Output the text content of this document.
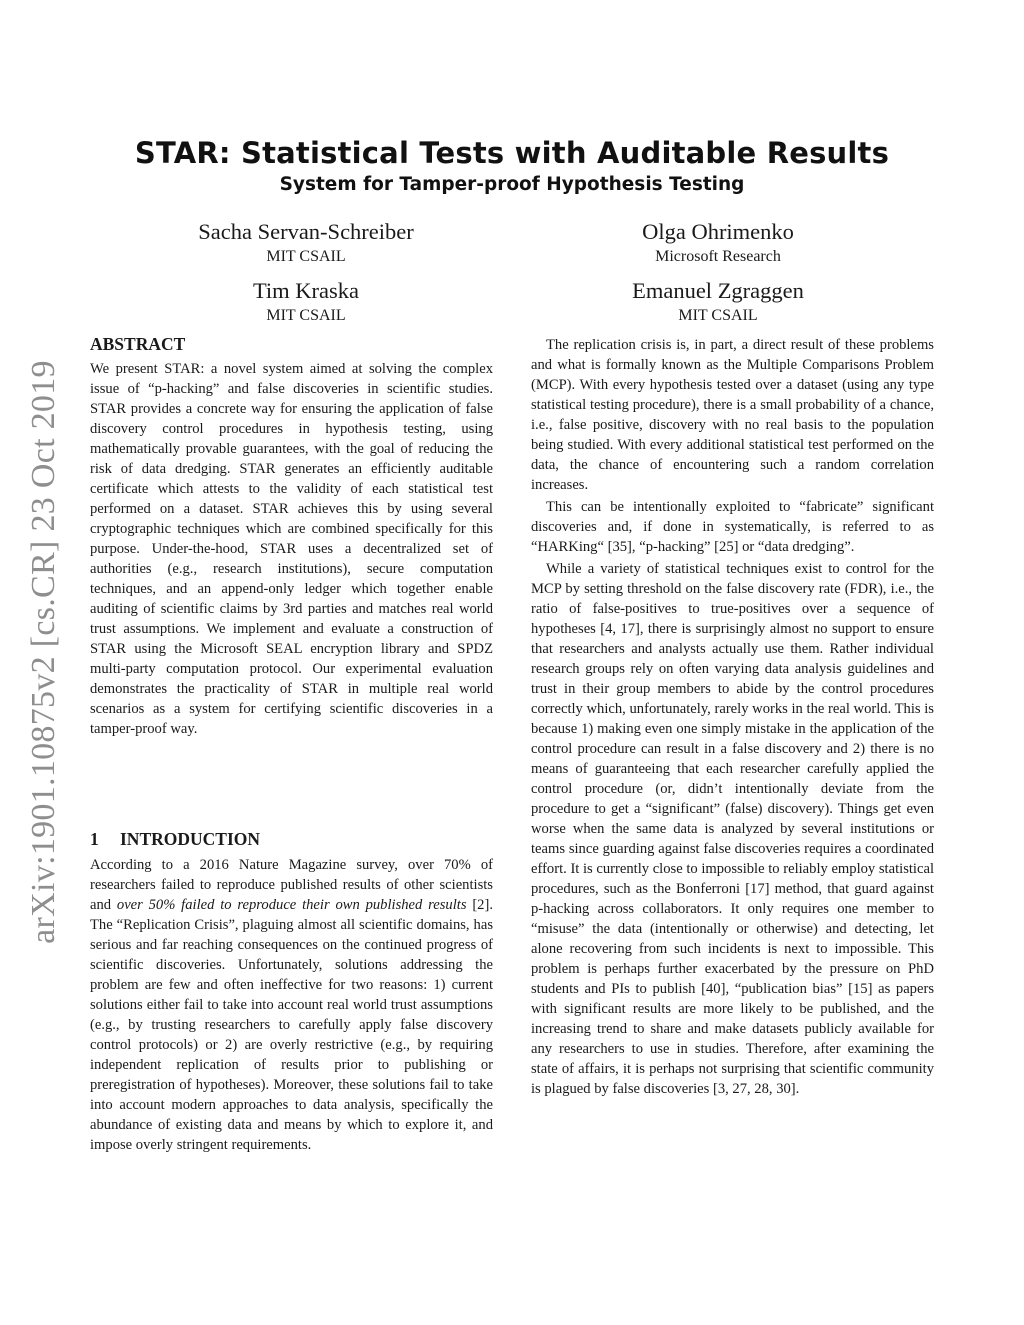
arXiv:1901.10875v2 [cs.CR] 23 Oct 2019
STAR: Statistical Tests with Auditable Results
System for Tamper-proof Hypothesis Testing
Sacha Servan-Schreiber
MIT CSAIL
Olga Ohrimenko
Microsoft Research
Tim Kraska
MIT CSAIL
Emanuel Zgraggen
MIT CSAIL
ABSTRACT

We present STAR: a novel system aimed at solving the complex issue of “p-hacking” and false discoveries in scientific studies. STAR provides a concrete way for ensuring the application of false discovery control procedures in hypothesis testing, using mathematically provable guarantees, with the goal of reducing the risk of data dredging. STAR generates an efficiently auditable certificate which attests to the validity of each statistical test performed on a dataset. STAR achieves this by using several cryptographic techniques which are combined specifically for this purpose. Under-the-hood, STAR uses a decentralized set of authorities (e.g., research institutions), secure computation techniques, and an append-only ledger which together enable auditing of scientific claims by 3rd parties and matches real world trust assumptions. We implement and evaluate a construction of STAR using the Microsoft SEAL encryption library and SPDZ multi-party computation protocol. Our experimental evaluation demonstrates the practicality of STAR in multiple real world scenarios as a system for certifying scientific discoveries in a tamper-proof way.

1 INTRODUCTION

According to a 2016 Nature Magazine survey, over 70% of researchers failed to reproduce published results of other scientists and over 50% failed to reproduce their own published results [2]. The “Replication Crisis”, plaguing almost all scientific domains, has serious and far reaching consequences on the continued progress of scientific discoveries. Unfortunately, solutions addressing the problem are few and often ineffective for two reasons: 1) current solutions either fail to take into account real world trust assumptions (e.g., by trusting researchers to carefully apply false discovery control protocols) or 2) are overly restrictive (e.g., by requiring independent replication of results prior to publishing or preregistration of hypotheses). Moreover, these solutions fail to take into account modern approaches to data analysis, specifically the abundance of existing data and means by which to explore it, and impose overly stringent requirements.

The replication crisis is, in part, a direct result of these problems and what is formally known as the Multiple Comparisons Problem (MCP). With every hypothesis tested over a dataset (using any type statistical testing procedure), there is a small probability of a chance, i.e., false positive, discovery with no real basis to the population being studied. With every additional statistical test performed on the data, the chance of encountering such a random correlation increases.

This can be intentionally exploited to “fabricate” significant discoveries and, if done in systematically, is referred to as “HARKing“ [35], “p-hacking” [25] or “data dredging”.

While a variety of statistical techniques exist to control for the MCP by setting threshold on the false discovery rate (FDR), i.e., the ratio of false-positives to true-positives over a sequence of hypotheses [4, 17], there is surprisingly almost no support to ensure that researchers and analysts actually use them. Rather individual research groups rely on often varying data analysis guidelines and trust in their group members to abide by the control procedures correctly which, unfortunately, rarely works in the real world. This is because 1) making even one simply mistake in the application of the control procedure can result in a false discovery and 2) there is no means of guaranteeing that each researcher carefully applied the control procedure (or, didn’t intentionally deviate from the procedure to get a “significant” (false) discovery). Things get even worse when the same data is analyzed by several institutions or teams since guarding against false discoveries requires a coordinated effort. It is currently close to impossible to reliably employ statistical procedures, such as the Bonferroni [17] method, that guard against p-hacking across collaborators. It only requires one member to “misuse” the data (intentionally or otherwise) and detecting, let alone recovering from such incidents is next to impossible. This problem is perhaps further exacerbated by the pressure on PhD students and PIs to publish [40], “publication bias” [15] as papers with significant results are more likely to be published, and the increasing trend to share and make datasets publicly available for any researchers to use in studies. Therefore, after examining the state of affairs, it is perhaps not surprising that scientific community is plagued by false discoveries [3, 27, 28, 30].
